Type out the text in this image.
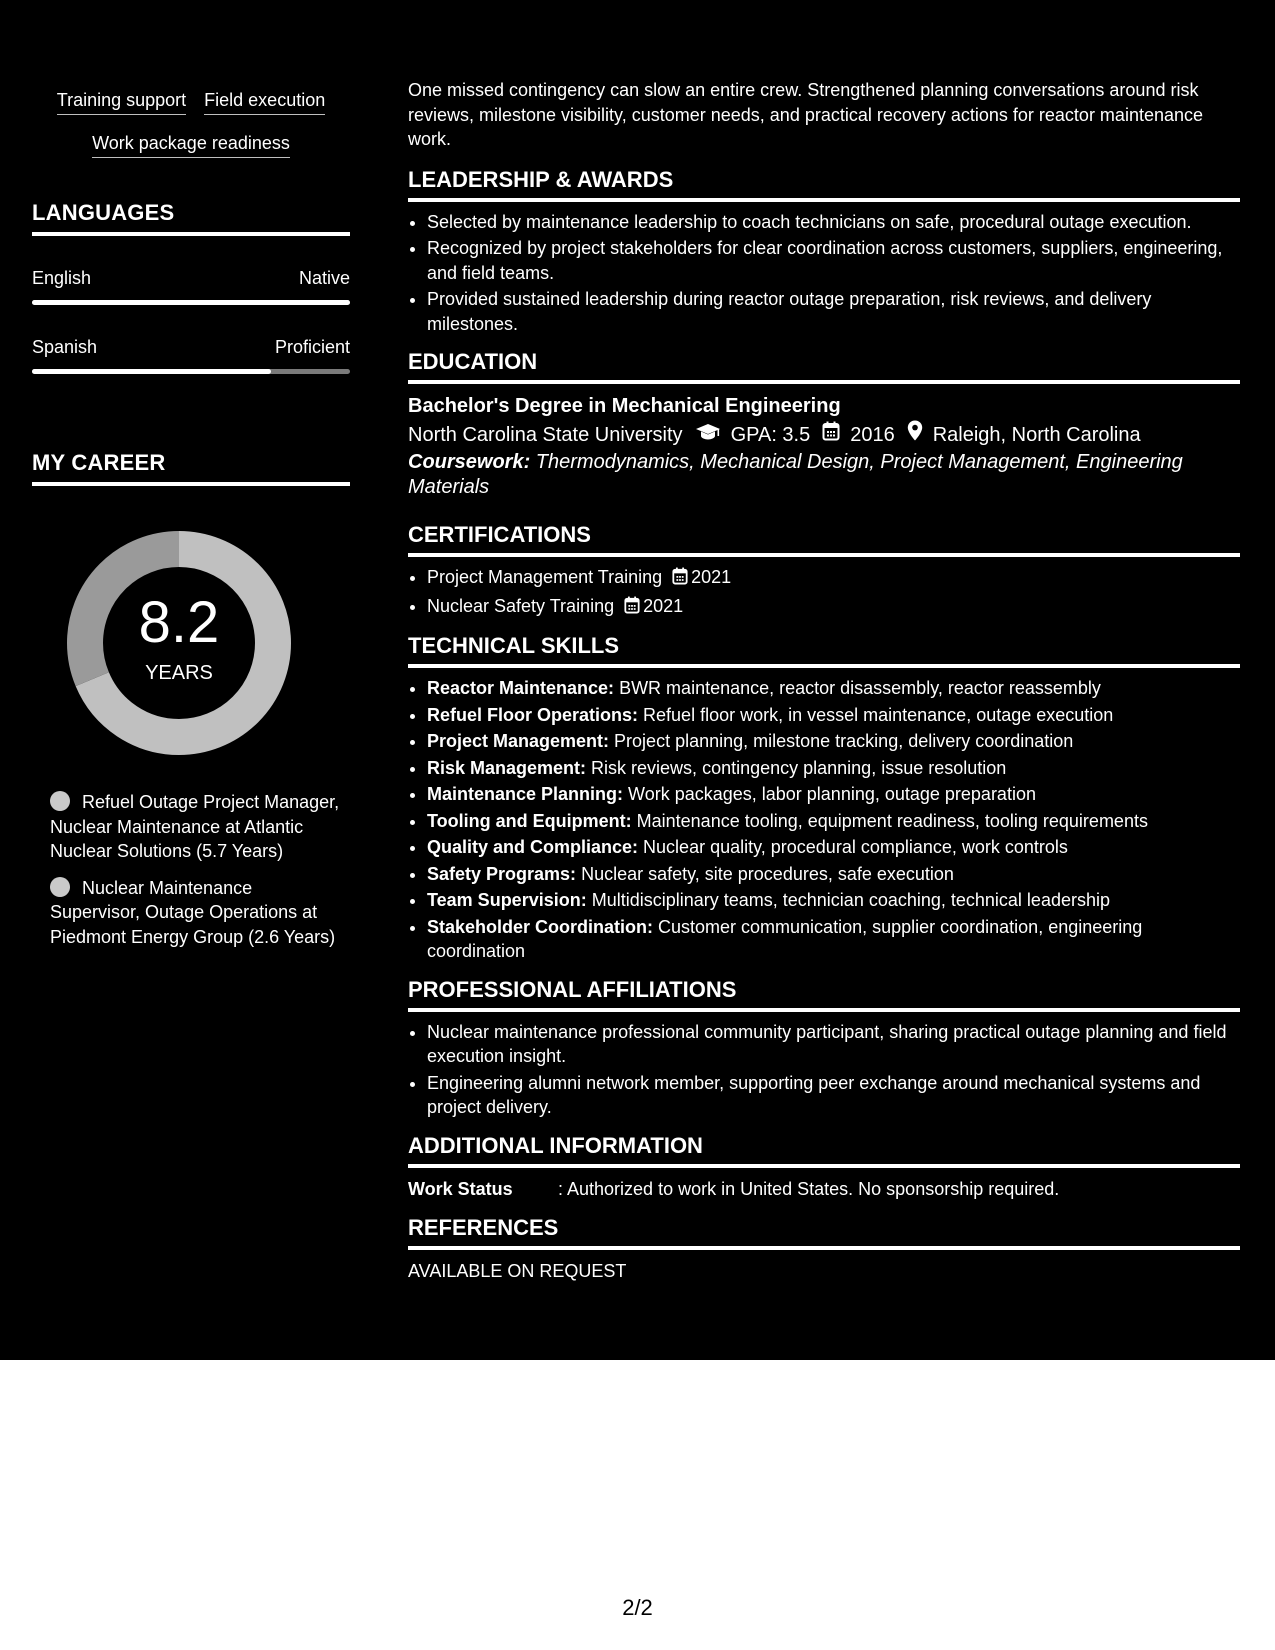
Training support Field execution
Work package readiness
LANGUAGES
English	Native
Spanish	Proficient
MY CAREER
8.2
YEARS
Refuel Outage Project Manager, Nuclear Maintenance at Atlantic Nuclear Solutions (5.7 Years)
Nuclear Maintenance Supervisor, Outage Operations at Piedmont Energy Group (2.6 Years)

One missed contingency can slow an entire crew. Strengthened planning conversations around risk reviews, milestone visibility, customer needs, and practical recovery actions for reactor maintenance work.

LEADERSHIP & AWARDS
• Selected by maintenance leadership to coach technicians on safe, procedural outage execution.
• Recognized by project stakeholders for clear coordination across customers, suppliers, engineering, and field teams.
• Provided sustained leadership during reactor outage preparation, risk reviews, and delivery milestones.
EDUCATION
Bachelor's Degree in Mechanical Engineering
North Carolina State University GPA: 3.5 2016 Raleigh, North Carolina
Coursework: Thermodynamics, Mechanical Design, Project Management, Engineering Materials
CERTIFICATIONS
• Project Management Training 2021
• Nuclear Safety Training 2021
TECHNICAL SKILLS
• Reactor Maintenance: BWR maintenance, reactor disassembly, reactor reassembly
• Refuel Floor Operations: Refuel floor work, in vessel maintenance, outage execution
• Project Management: Project planning, milestone tracking, delivery coordination
• Risk Management: Risk reviews, contingency planning, issue resolution
• Maintenance Planning: Work packages, labor planning, outage preparation
• Tooling and Equipment: Maintenance tooling, equipment readiness, tooling requirements
• Quality and Compliance: Nuclear quality, procedural compliance, work controls
• Safety Programs: Nuclear safety, site procedures, safe execution
• Team Supervision: Multidisciplinary teams, technician coaching, technical leadership
• Stakeholder Coordination: Customer communication, supplier coordination, engineering coordination
PROFESSIONAL AFFILIATIONS
• Nuclear maintenance professional community participant, sharing practical outage planning and field execution insight.
• Engineering alumni network member, supporting peer exchange around mechanical systems and project delivery.
ADDITIONAL INFORMATION
Work Status	: Authorized to work in United States. No sponsorship required.
REFERENCES
AVAILABLE ON REQUEST
2/2
